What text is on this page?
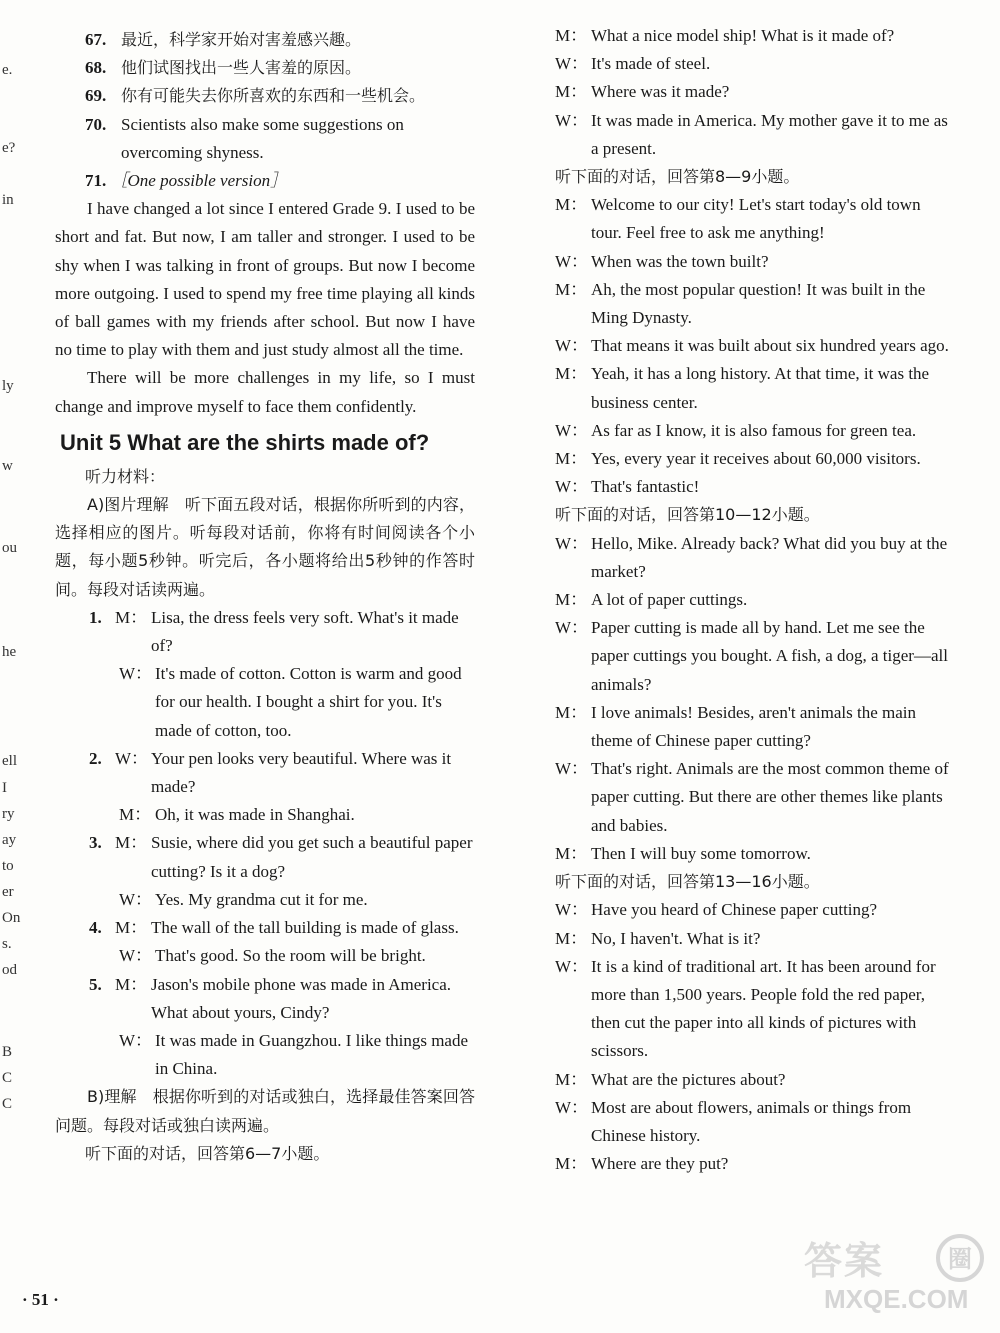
e.
e?
in
ly
w
ou
he
ell
I
ry
ay
to
er
On
s.
od
B
C
C
67. 最近，科学家开始对害羞感兴趣。
68. 他们试图找出一些人害羞的原因。
69. 你有可能失去你所喜欢的东西和一些机会。
70. Scientists also make some suggestions on overcoming shyness.
71. ［One possible version］
I have changed a lot since I entered Grade 9. I used to be short and fat. But now, I am taller and stronger. I used to be shy when I was talking in front of groups. But now I become more outgoing. I used to spend my free time playing all kinds of ball games with my friends after school. But now I have no time to play with them and just study almost all the time.
There will be more challenges in my life, so I must change and improve myself to face them confidently.
Unit 5 What are the shirts made of?
听力材料：
A)图片理解　听下面五段对话，根据你所听到的内容，选择相应的图片。听每段对话前，你将有时间阅读各个小题，每小题5秒钟。听完后，各小题将给出5秒钟的作答时间。每段对话读两遍。
1. M： Lisa, the dress feels very soft. What's it made of?
W： It's made of cotton. Cotton is warm and good for our health. I bought a shirt for you. It's made of cotton, too.
2. W： Your pen looks very beautiful. Where was it made?
M： Oh, it was made in Shanghai.
3. M： Susie, where did you get such a beautiful paper cutting? Is it a dog?
W： Yes. My grandma cut it for me.
4. M： The wall of the tall building is made of glass.
W： That's good. So the room will be bright.
5. M： Jason's mobile phone was made in America. What about yours, Cindy?
W： It was made in Guangzhou. I like things made in China.
B)理解　根据你听到的对话或独白，选择最佳答案回答问题。每段对话或独白读两遍。
听下面的对话，回答第6—7小题。
M： What a nice model ship! What is it made of?
W： It's made of steel.
M： Where was it made?
W： It was made in America. My mother gave it to me as a present.
听下面的对话，回答第8—9小题。
M： Welcome to our city! Let's start today's old town tour. Feel free to ask me anything!
W： When was the town built?
M： Ah, the most popular question! It was built in the Ming Dynasty.
W： That means it was built about six hundred years ago.
M： Yeah, it has a long history. At that time, it was the business center.
W： As far as I know, it is also famous for green tea.
M： Yes, every year it receives about 60,000 visitors.
W： That's fantastic!
听下面的对话，回答第10—12小题。
W： Hello, Mike. Already back? What did you buy at the market?
M： A lot of paper cuttings.
W： Paper cutting is made all by hand. Let me see the paper cuttings you bought. A fish, a dog, a tiger—all animals?
M： I love animals! Besides, aren't animals the main theme of Chinese paper cutting?
W： That's right. Animals are the most common theme of paper cutting. But there are other themes like plants and babies.
M： Then I will buy some tomorrow.
听下面的对话，回答第13—16小题。
W： Have you heard of Chinese paper cutting?
M： No, I haven't. What is it?
W： It is a kind of traditional art. It has been around for more than 1,500 years. People fold the red paper, then cut the paper into all kinds of pictures with scissors.
M： What are the pictures about?
W： Most are about flowers, animals or things from Chinese history.
M： Where are they put?
· 51 ·
答案	圈
MXQE.COM
